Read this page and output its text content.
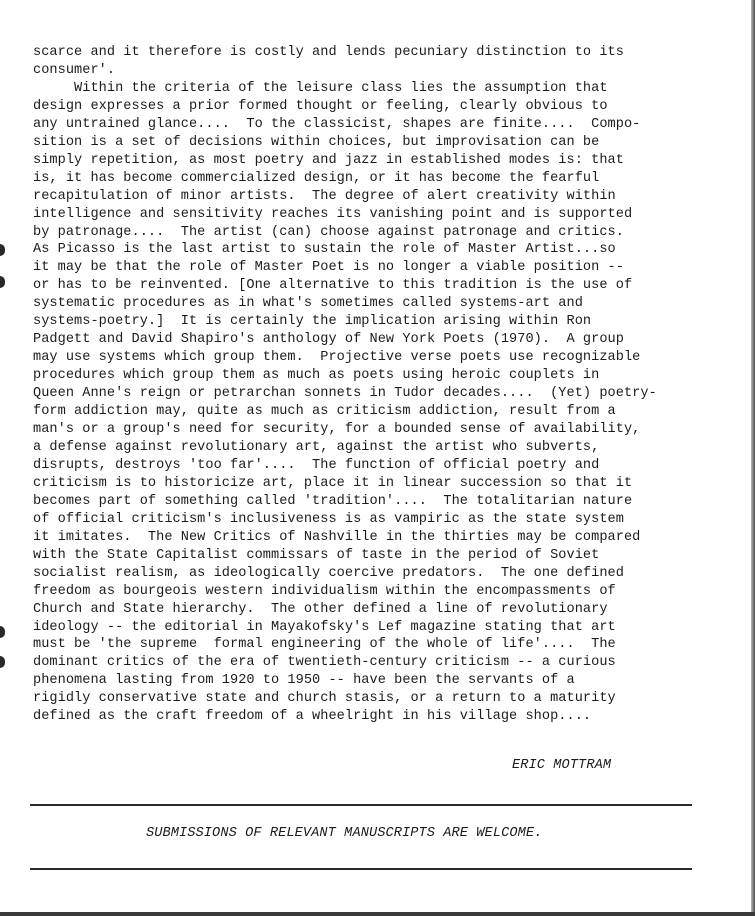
scarce and it therefore is costly and lends pecuniary distinction to its
consumer'.
Within the criteria of the leisure class lies the assumption that
design expresses a prior formed thought or feeling, clearly obvious to
any untrained glance....  To the classicist, shapes are finite....  Compo-
sition is a set of decisions within choices, but improvisation can be
simply repetition, as most poetry and jazz in established modes is: that
is, it has become commercialized design, or it has become the fearful
recapitulation of minor artists.  The degree of alert creativity within
intelligence and sensitivity reaches its vanishing point and is supported
by patronage....  The artist (can) choose against patronage and critics.
As Picasso is the last artist to sustain the role of Master Artist...so
it may be that the role of Master Poet is no longer a viable position --
or has to be reinvented. [One alternative to this tradition is the use of
systematic procedures as in what's sometimes called systems-art and
systems-poetry.]  It is certainly the implication arising within Ron
Padgett and David Shapiro's anthology of New York Poets (1970).  A group
may use systems which group them.  Projective verse poets use recognizable
procedures which group them as much as poets using heroic couplets in
Queen Anne's reign or petrarchan sonnets in Tudor decades....  (Yet) poetry-
form addiction may, quite as much as criticism addiction, result from a
man's or a group's need for security, for a bounded sense of availability,
a defense against revolutionary art, against the artist who subverts,
disrupts, destroys 'too far'....  The function of official poetry and
criticism is to historicize art, place it in linear succession so that it
becomes part of something called 'tradition'....  The totalitarian nature
of official criticism's inclusiveness is as vampiric as the state system
it imitates.  The New Critics of Nashville in the thirties may be compared
with the State Capitalist commissars of taste in the period of Soviet
socialist realism, as ideologically coercive predators.  The one defined
freedom as bourgeois western individualism within the encompassments of
Church and State hierarchy.  The other defined a line of revolutionary
ideology -- the editorial in Mayakofsky's Lef magazine stating that art
must be 'the supreme  formal engineering of the whole of life'....  The
dominant critics of the era of twentieth-century criticism -- a curious
phenomena lasting from 1920 to 1950 -- have been the servants of a
rigidly conservative state and church stasis, or a return to a maturity
defined as the craft freedom of a wheelright in his village shop....

ERIC MOTTRAM
SUBMISSIONS OF RELEVANT MANUSCRIPTS ARE WELCOME.
